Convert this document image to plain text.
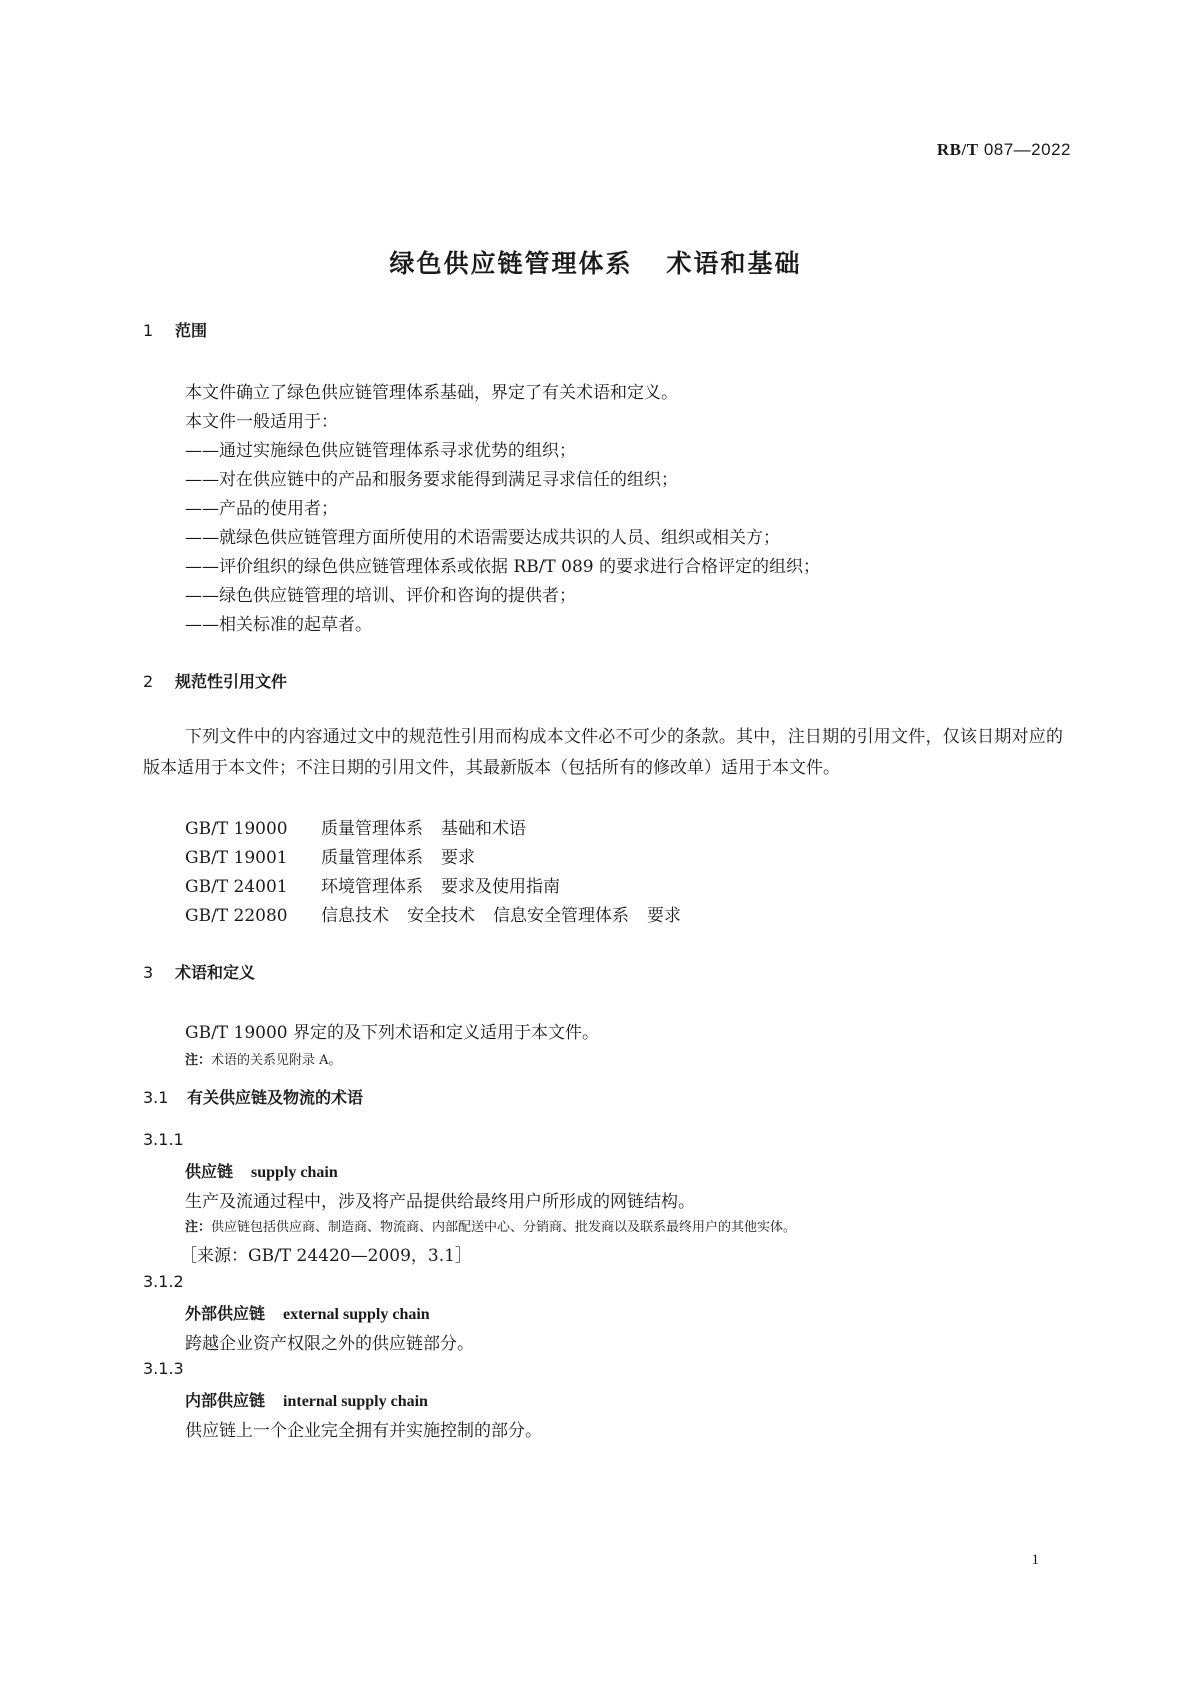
RB/T 087—2022
绿色供应链管理体系 术语和基础
1 范围
本文件确立了绿色供应链管理体系基础，界定了有关术语和定义。
本文件一般适用于：
——通过实施绿色供应链管理体系寻求优势的组织；
——对在供应链中的产品和服务要求能得到满足寻求信任的组织；
——产品的使用者；
——就绿色供应链管理方面所使用的术语需要达成共识的人员、组织或相关方；
——评价组织的绿色供应链管理体系或依据 RB/T 089 的要求进行合格评定的组织；
——绿色供应链管理的培训、评价和咨询的提供者；
——相关标准的起草者。
2 规范性引用文件
下列文件中的内容通过文中的规范性引用而构成本文件必不可少的条款。其中，注日期的引用文件，仅该日期对应的版本适用于本文件；不注日期的引用文件，其最新版本（包括所有的修改单）适用于本文件。
GB/T 19000 质量管理体系 基础和术语
GB/T 19001 质量管理体系 要求
GB/T 24001 环境管理体系 要求及使用指南
GB/T 22080 信息技术 安全技术 信息安全管理体系 要求
3 术语和定义
GB/T 19000 界定的及下列术语和定义适用于本文件。
注：术语的关系见附录 A。
3.1 有关供应链及物流的术语
3.1.1
供应链 supply chain
生产及流通过程中，涉及将产品提供给最终用户所形成的网链结构。
注：供应链包括供应商、制造商、物流商、内部配送中心、分销商、批发商以及联系最终用户的其他实体。
［来源：GB/T 24420—2009，3.1］
3.1.2
外部供应链 external supply chain
跨越企业资产权限之外的供应链部分。
3.1.3
内部供应链 internal supply chain
供应链上一个企业完全拥有并实施控制的部分。
1
